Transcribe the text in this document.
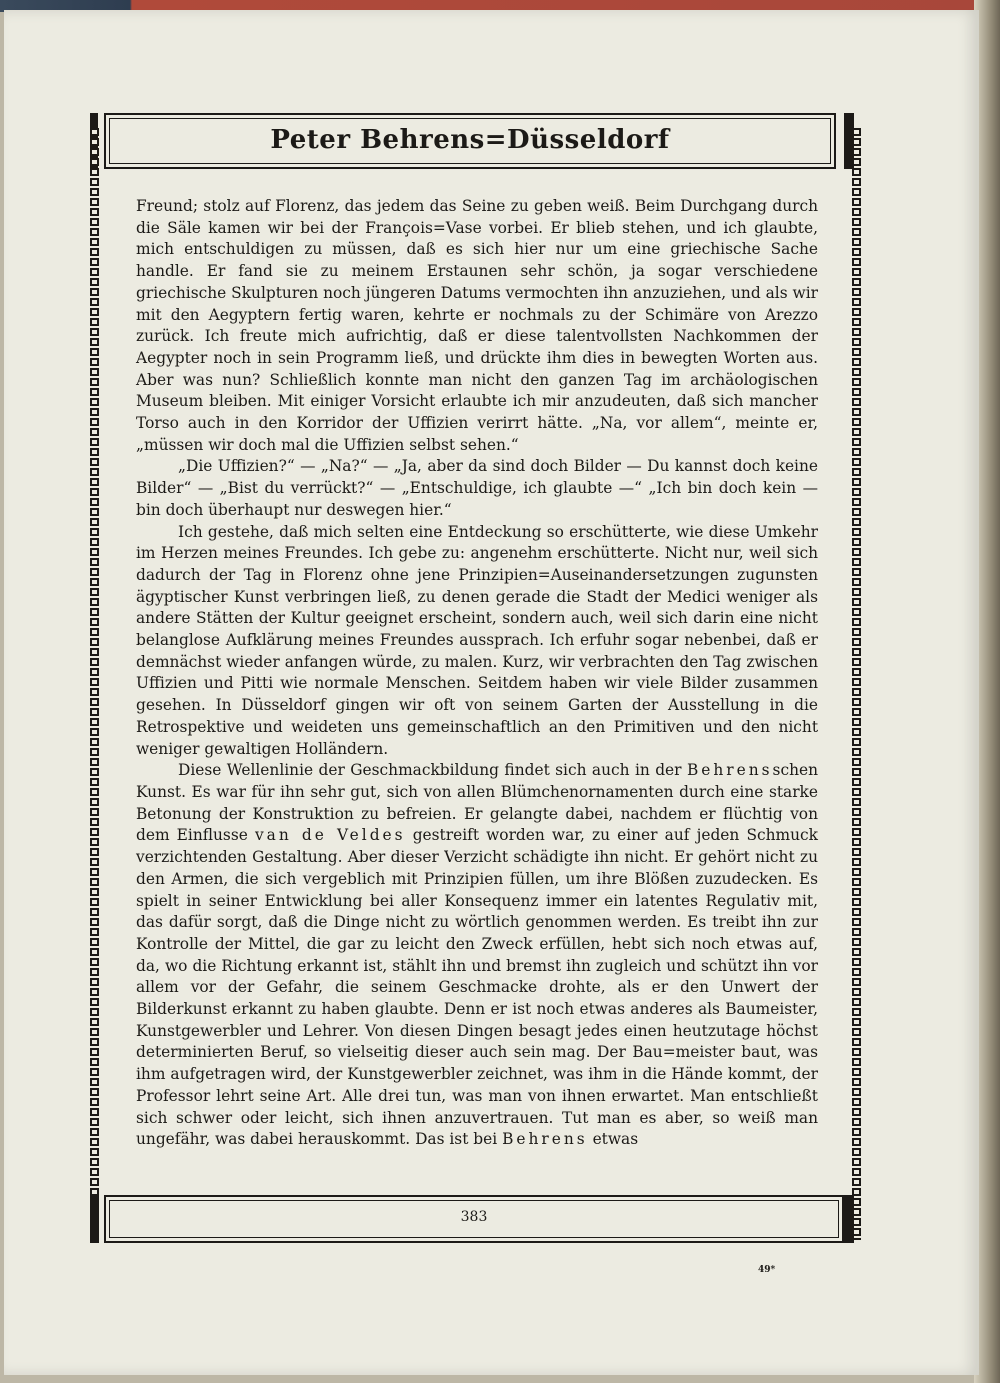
Peter Behrens=Düsseldorf

Freund; stolz auf Florenz, das jedem das Seine zu geben weiß. Beim Durchgang durch die Säle kamen wir bei der François=Vase vorbei. Er blieb stehen, und ich glaubte, mich entschuldigen zu müssen, daß es sich hier nur um eine griechische Sache handle. Er fand sie zu meinem Erstaunen sehr schön, ja sogar verschiedene griechische Skulpturen noch jüngeren Datums vermochten ihn anzuziehen, und als wir mit den Aegyptern fertig waren, kehrte er nochmals zu der Schimäre von Arezzo zurück. Ich freute mich aufrichtig, daß er diese talentvollsten Nachkommen der Aegypter noch in sein Programm ließ, und drückte ihm dies in bewegten Worten aus. Aber was nun? Schließlich konnte man nicht den ganzen Tag im archäologischen Museum bleiben. Mit einiger Vorsicht erlaubte ich mir anzudeuten, daß sich mancher Torso auch in den Korridor der Uffizien verirrt hätte. „Na, vor allem“, meinte er, „müssen wir doch mal die Uffizien selbst sehen.“

„Die Uffizien?“ — „Na?“ — „Ja, aber da sind doch Bilder — Du kannst doch keine Bilder“ — „Bist du verrückt?“ — „Entschuldige, ich glaubte —“ „Ich bin doch kein — bin doch überhaupt nur deswegen hier.“

Ich gestehe, daß mich selten eine Entdeckung so erschütterte, wie diese Umkehr im Herzen meines Freundes. Ich gebe zu: angenehm erschütterte. Nicht nur, weil sich dadurch der Tag in Florenz ohne jene Prinzipien=Auseinandersetzungen zugunsten ägyptischer Kunst verbringen ließ, zu denen gerade die Stadt der Medici weniger als andere Stätten der Kultur geeignet erscheint, sondern auch, weil sich darin eine nicht belanglose Aufklärung meines Freundes aussprach. Ich erfuhr sogar nebenbei, daß er demnächst wieder anfangen würde, zu malen. Kurz, wir verbrachten den Tag zwischen Uffizien und Pitti wie normale Menschen. Seitdem haben wir viele Bilder zusammen gesehen. In Düsseldorf gingen wir oft von seinem Garten der Ausstellung in die Retrospektive und weideten uns gemeinschaftlich an den Primitiven und den nicht weniger gewaltigen Holländern.

Diese Wellenlinie der Geschmackbildung findet sich auch in der Behrensschen Kunst. Es war für ihn sehr gut, sich von allen Blümchenornamenten durch eine starke Betonung der Konstruktion zu befreien. Er gelangte dabei, nachdem er flüchtig von dem Einflusse van de Veldes gestreift worden war, zu einer auf jeden Schmuck verzichtenden Gestaltung. Aber dieser Verzicht schädigte ihn nicht. Er gehört nicht zu den Armen, die sich vergeblich mit Prinzipien füllen, um ihre Blößen zuzudecken. Es spielt in seiner Entwicklung bei aller Konsequenz immer ein latentes Regulativ mit, das dafür sorgt, daß die Dinge nicht zu wörtlich genommen werden. Es treibt ihn zur Kontrolle der Mittel, die gar zu leicht den Zweck erfüllen, hebt sich noch etwas auf, da, wo die Richtung erkannt ist, stählt ihn und bremst ihn zugleich und schützt ihn vor allem vor der Gefahr, die seinem Geschmacke drohte, als er den Unwert der Bilderkunst erkannt zu haben glaubte. Denn er ist noch etwas anderes als Baumeister, Kunstgewerbler und Lehrer. Von diesen Dingen besagt jedes einen heutzutage höchst determinierten Beruf, so vielseitig dieser auch sein mag. Der Bau=meister baut, was ihm aufgetragen wird, der Kunstgewerbler zeichnet, was ihm in die Hände kommt, der Professor lehrt seine Art. Alle drei tun, was man von ihnen erwartet. Man entschließt sich schwer oder leicht, sich ihnen anzuvertrauen. Tut man es aber, so weiß man ungefähr, was dabei herauskommt. Das ist bei Behrens etwas

383
49*
